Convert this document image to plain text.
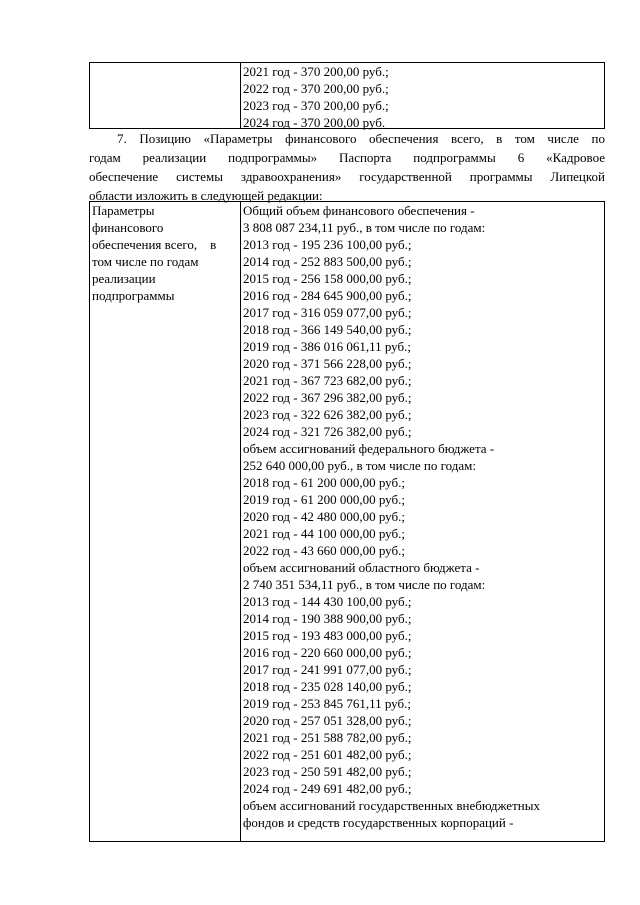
2021 год - 370 200,00 руб.;
2022 год - 370 200,00 руб.;
2023 год - 370 200,00 руб.;
2024 год - 370 200,00 руб.
7. Позицию «Параметры финансового обеспечения всего, в том числе по
годам реализации подпрограммы» Паспорта подпрограммы 6 «Кадровое
обеспечение системы здравоохранения» государственной программы Липецкой
области изложить в следующей редакции:
Параметры
финансового
обеспечения всего,    в
том числе по годам
реализации
подпрограммы
Общий объем финансового обеспечения -
3 808 087 234,11 руб., в том числе по годам:
2013 год - 195 236 100,00 руб.;
2014 год - 252 883 500,00 руб.;
2015 год - 256 158 000,00 руб.;
2016 год - 284 645 900,00 руб.;
2017 год - 316 059 077,00 руб.;
2018 год - 366 149 540,00 руб.;
2019 год - 386 016 061,11 руб.;
2020 год - 371 566 228,00 руб.;
2021 год - 367 723 682,00 руб.;
2022 год - 367 296 382,00 руб.;
2023 год - 322 626 382,00 руб.;
2024 год - 321 726 382,00 руб.;
объем ассигнований федерального бюджета -
252 640 000,00 руб., в том числе по годам:
2018 год - 61 200 000,00 руб.;
2019 год - 61 200 000,00 руб.;
2020 год - 42 480 000,00 руб.;
2021 год - 44 100 000,00 руб.;
2022 год - 43 660 000,00 руб.;
объем ассигнований областного бюджета -
2 740 351 534,11 руб., в том числе по годам:
2013 год - 144 430 100,00 руб.;
2014 год - 190 388 900,00 руб.;
2015 год - 193 483 000,00 руб.;
2016 год - 220 660 000,00 руб.;
2017 год - 241 991 077,00 руб.;
2018 год - 235 028 140,00 руб.;
2019 год - 253 845 761,11 руб.;
2020 год - 257 051 328,00 руб.;
2021 год - 251 588 782,00 руб.;
2022 год - 251 601 482,00 руб.;
2023 год - 250 591 482,00 руб.;
2024 год - 249 691 482,00 руб.;
объем ассигнований государственных внебюджетных
фондов и средств государственных корпораций -
